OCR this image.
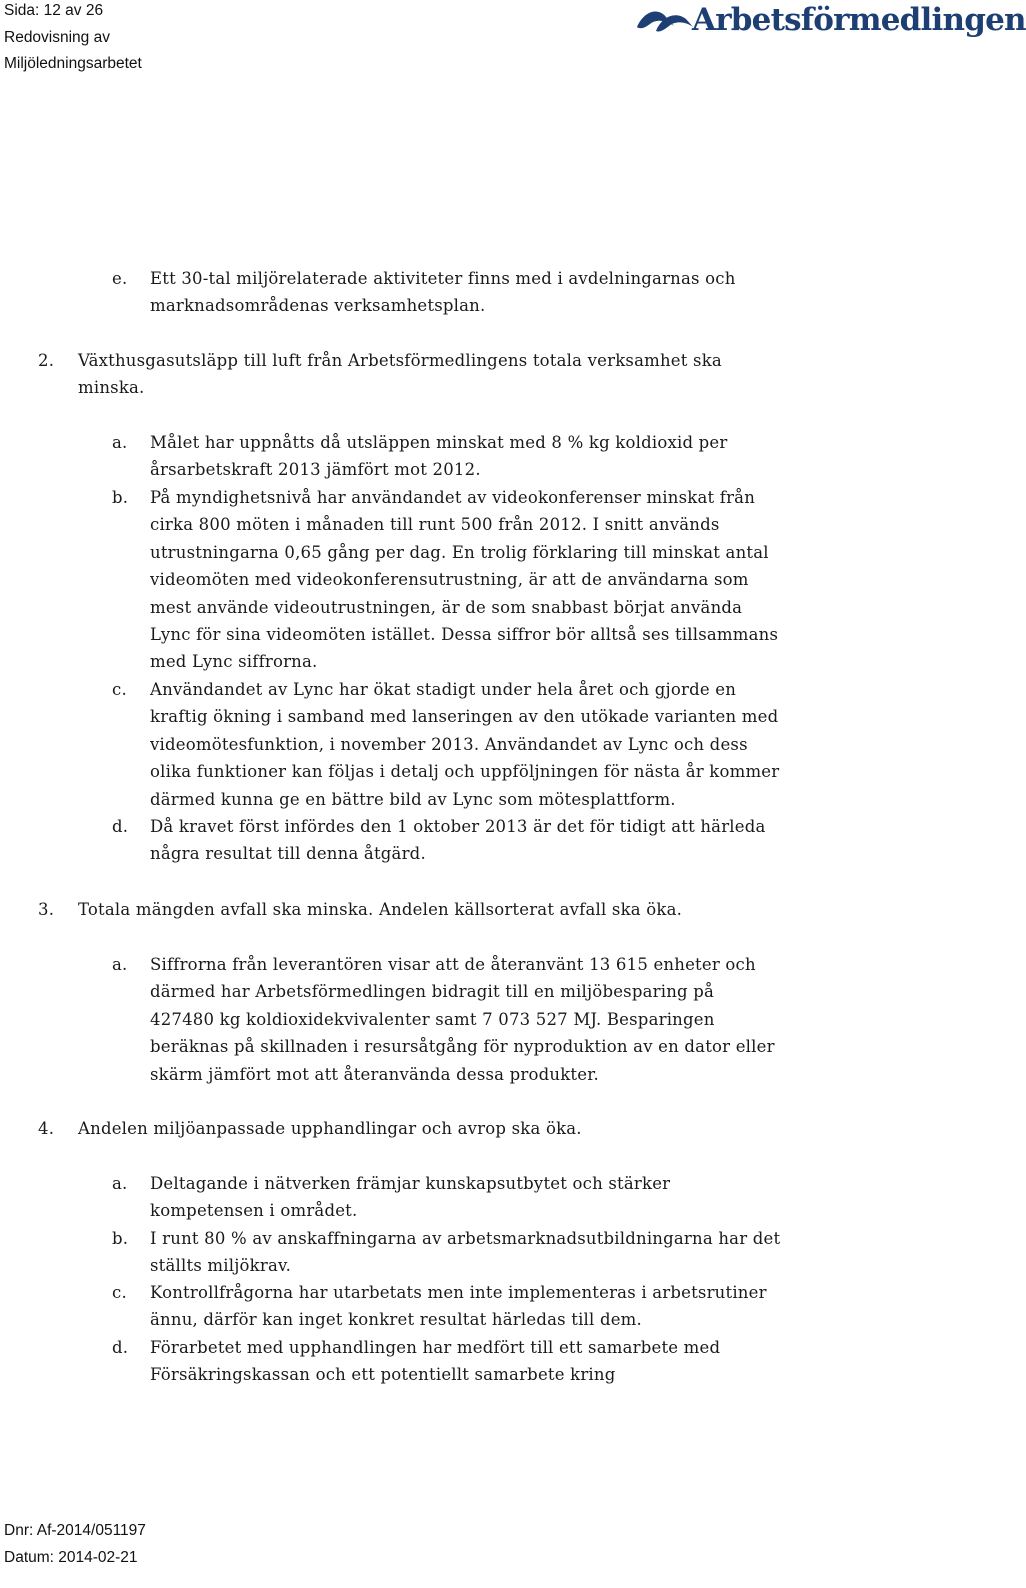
Sida: 12 av 26
Redovisning av
Miljöledningsarbetet
Arbetsförmedlingen
e. Ett 30-tal miljörelaterade aktiviteter finns med i avdelningarnas och
marknadsområdenas verksamhetsplan.
2. Växthusgasutsläpp till luft från Arbetsförmedlingens totala verksamhet ska
minska.
a. Målet har uppnåtts då utsläppen minskat med 8 % kg koldioxid per
årsarbetskraft 2013 jämfört mot 2012.
b. På myndighetsnivå har användandet av videokonferenser minskat från
cirka 800 möten i månaden till runt 500 från 2012. I snitt används
utrustningarna 0,65 gång per dag. En trolig förklaring till minskat antal
videomöten med videokonferensutrustning, är att de användarna som
mest använde videoutrustningen, är de som snabbast börjat använda
Lync för sina videomöten istället. Dessa siffror bör alltså ses tillsammans
med Lync siffrorna.
c. Användandet av Lync har ökat stadigt under hela året och gjorde en
kraftig ökning i samband med lanseringen av den utökade varianten med
videomötesfunktion, i november 2013. Användandet av Lync och dess
olika funktioner kan följas i detalj och uppföljningen för nästa år kommer
därmed kunna ge en bättre bild av Lync som mötesplattform.
d. Då kravet först infördes den 1 oktober 2013 är det för tidigt att härleda
några resultat till denna åtgärd.
3. Totala mängden avfall ska minska. Andelen källsorterat avfall ska öka.
a. Siffrorna från leverantören visar att de återanvänt 13 615 enheter och
därmed har Arbetsförmedlingen bidragit till en miljöbesparing på
427480 kg koldioxidekvivalenter samt 7 073 527 MJ. Besparingen
beräknas på skillnaden i resursåtgång för nyproduktion av en dator eller
skärm jämfört mot att återanvända dessa produkter.
4. Andelen miljöanpassade upphandlingar och avrop ska öka.
a. Deltagande i nätverken främjar kunskapsutbytet och stärker
kompetensen i området.
b. I runt 80 % av anskaffningarna av arbetsmarknadsutbildningarna har det
ställts miljökrav.
c. Kontrollfrågorna har utarbetats men inte implementeras i arbetsrutiner
ännu, därför kan inget konkret resultat härledas till dem.
d. Förarbetet med upphandlingen har medfört till ett samarbete med
Försäkringskassan och ett potentiellt samarbete kring
Dnr: Af-2014/051197
Datum: 2014-02-21
